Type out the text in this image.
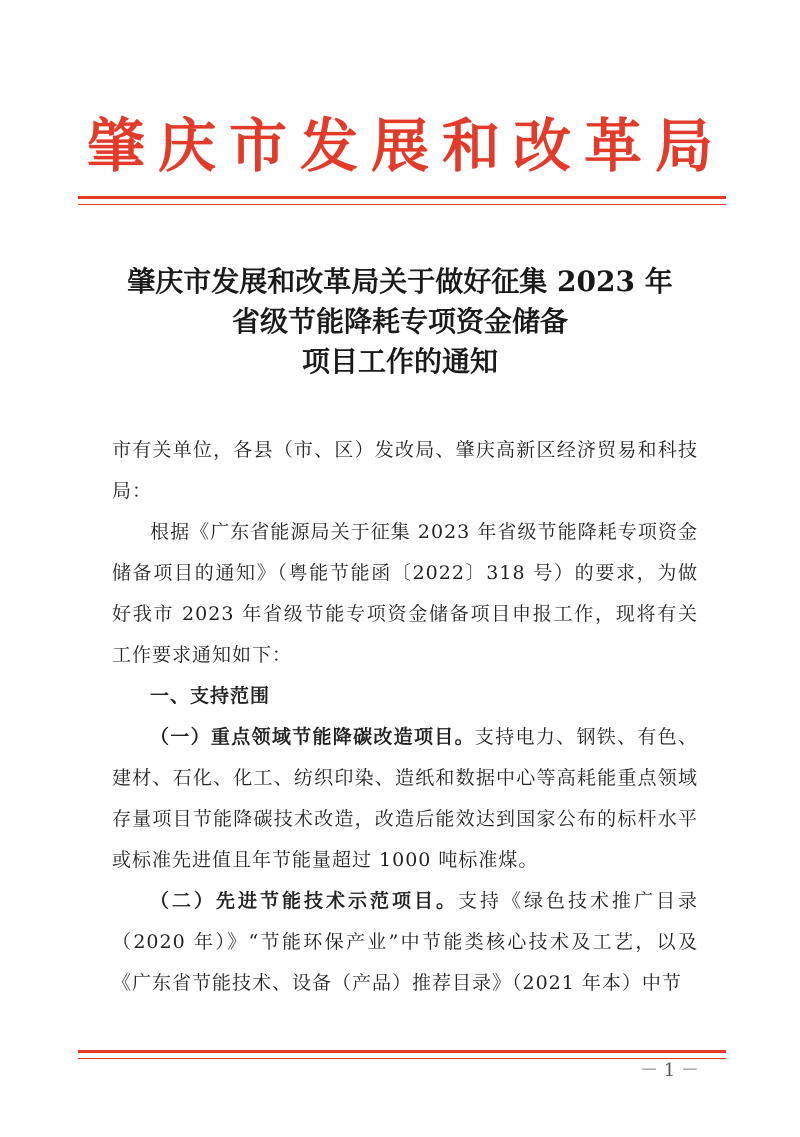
肇庆市发展和改革局
肇庆市发展和改革局关于做好征集 2023 年
省级节能降耗专项资金储备
项目工作的通知

市有关单位，各县（市、区）发改局、肇庆高新区经济贸易和科技局：

根据《广东省能源局关于征集 2023 年省级节能降耗专项资金储备项目的通知》（粤能节能函〔2022〕318 号）的要求，为做好我市 2023 年省级节能专项资金储备项目申报工作，现将有关工作要求通知如下：

一、支持范围

（一）重点领域节能降碳改造项目。支持电力、钢铁、有色、建材、石化、化工、纺织印染、造纸和数据中心等高耗能重点领域存量项目节能降碳技术改造，改造后能效达到国家公布的标杆水平或标准先进值且年节能量超过 1000 吨标准煤。

（二）先进节能技术示范项目。支持《绿色技术推广目录（2020 年）》“节能环保产业”中节能类核心技术及工艺，以及《广东省节能技术、设备（产品）推荐目录》（2021 年本）中节

－ 1 －
